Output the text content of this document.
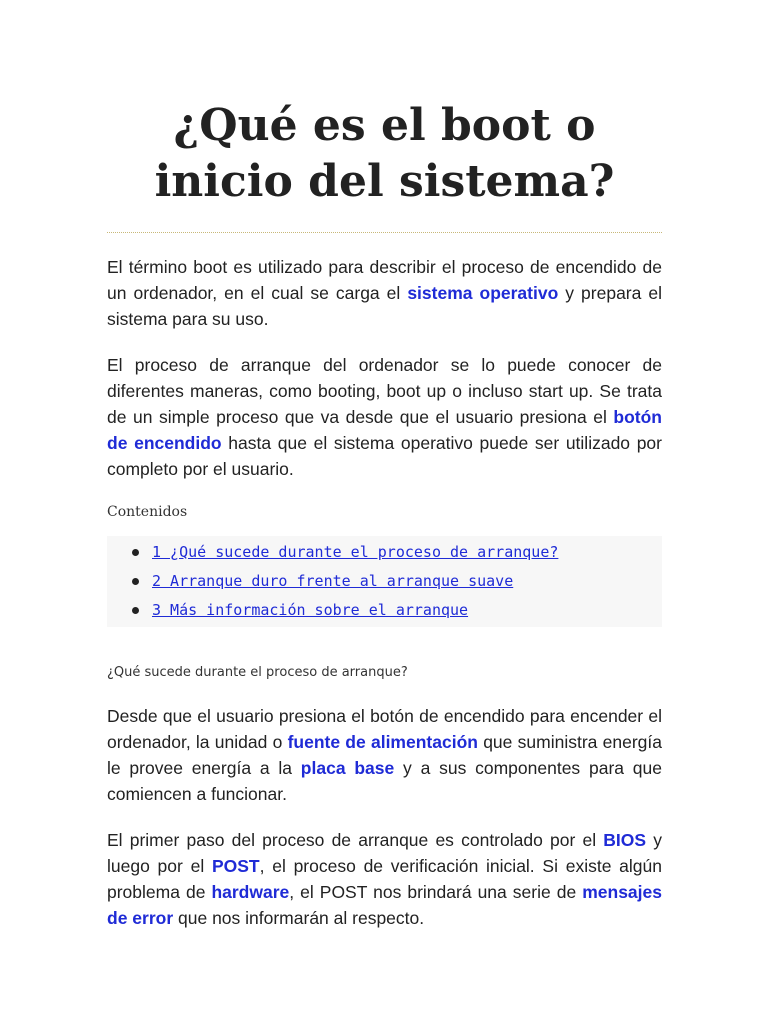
¿Qué es el boot o inicio del sistema?

El término boot es utilizado para describir el proceso de encendido de un ordenador, en el cual se carga el sistema operativo y prepara el sistema para su uso.

El proceso de arranque del ordenador se lo puede conocer de diferentes maneras, como booting, boot up o incluso start up. Se trata de un simple proceso que va desde que el usuario presiona el botón de encendido hasta que el sistema operativo puede ser utilizado por completo por el usuario.

Contenidos
1 ¿Qué sucede durante el proceso de arranque?
2 Arranque duro frente al arranque suave
3 Más información sobre el arranque
¿Qué sucede durante el proceso de arranque?

Desde que el usuario presiona el botón de encendido para encender el ordenador, la unidad o fuente de alimentación que suministra energía le provee energía a la placa base y a sus componentes para que comiencen a funcionar.

El primer paso del proceso de arranque es controlado por el BIOS y luego por el POST, el proceso de verificación inicial. Si existe algún problema de hardware, el POST nos brindará una serie de mensajes de error que nos informarán al respecto.
